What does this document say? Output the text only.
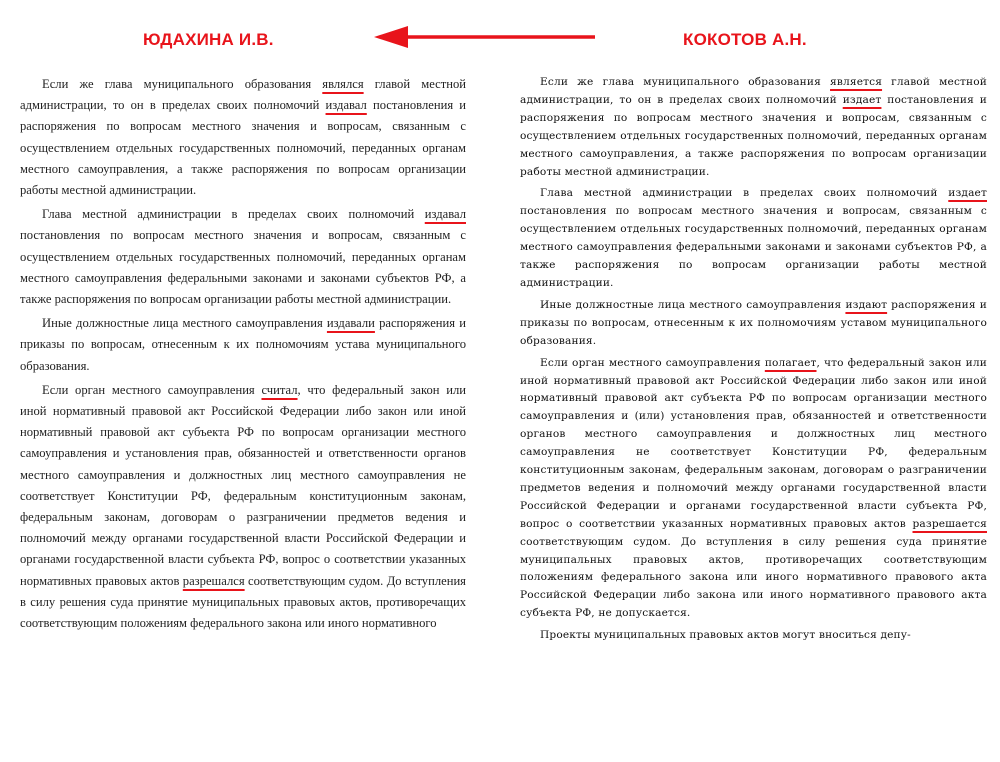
ЮДАХИНА И.В.	КОКОТОВ А.Н.

Если же глава муниципального образования являлся главой местной администрации, то он в пределах своих полномочий издавал постановления и распоряжения по вопросам местного значения и вопросам, связанным с осуществлением отдельных государственных полномочий, переданных органам местного самоуправления, а также распоряжения по вопросам организации работы местной администрации.

Глава местной администрации в пределах своих полномочий издавал постановления по вопросам местного значения и вопросам, связанным с осуществлением отдельных государственных полномочий, переданных органам местного самоуправления федеральными законами и законами субъектов РФ, а также распоряжения по вопросам организации работы местной администрации.

Иные должностные лица местного самоуправления издавали распоряжения и приказы по вопросам, отнесенным к их полномочиям устава муниципального образования.

Если орган местного самоуправления считал, что федеральный закон или иной нормативный правовой акт Российской Федерации либо закон или иной нормативный правовой акт субъекта РФ по вопросам организации местного самоуправления и установления прав, обязанностей и ответственности органов местного самоуправления и должностных лиц местного самоуправления не соответствует Конституции РФ, федеральным конституционным законам, федеральным законам, договорам о разграничении предметов ведения и полномочий между органами государственной власти Российской Федерации и органами государственной власти субъекта РФ, вопрос о соответствии указанных нормативных правовых актов разрешался соответствующим судом. До вступления в силу решения суда принятие муниципальных правовых актов, противоречащих соответствующим положениям федерального закона или иного нормативного

Если же глава муниципального образования является главой местной администрации, то он в пределах своих полномочий издает постановления и распоряжения по вопросам местного значения и вопросам, связанным с осуществлением отдельных государственных полномочий, переданных органам местного самоуправления, а также распоряжения по вопросам организации работы местной администрации.

Глава местной администрации в пределах своих полномочий издает постановления по вопросам местного значения и вопросам, связанным с осуществлением отдельных государственных полномочий, переданных органам местного самоуправления федеральными законами и законами субъектов РФ, а также распоряжения по вопросам организации работы местной администрации.

Иные должностные лица местного самоуправления издают распоряжения и приказы по вопросам, отнесенным к их полномочиям уставом муниципального образования.

Если орган местного самоуправления полагает, что федеральный закон или иной нормативный правовой акт Российской Федерации либо закон или иной нормативный правовой акт субъекта РФ по вопросам организации местного самоуправления и (или) установления прав, обязанностей и ответственности органов местного самоуправления и должностных лиц местного самоуправления не соответствует Конституции РФ, федеральным конституционным законам, федеральным законам, договорам о разграничении предметов ведения и полномочий между органами государственной власти Российской Федерации и органами государственной власти субъекта РФ, вопрос о соответствии указанных нормативных правовых актов разрешается соответствующим судом. До вступления в силу решения суда принятие муниципальных правовых актов, противоречащих соответствующим положениям федерального закона или иного нормативного правового акта Российской Федерации либо закона или иного нормативного правового акта субъекта РФ, не допускается.

Проекты муниципальных правовых актов могут вноситься депу-
